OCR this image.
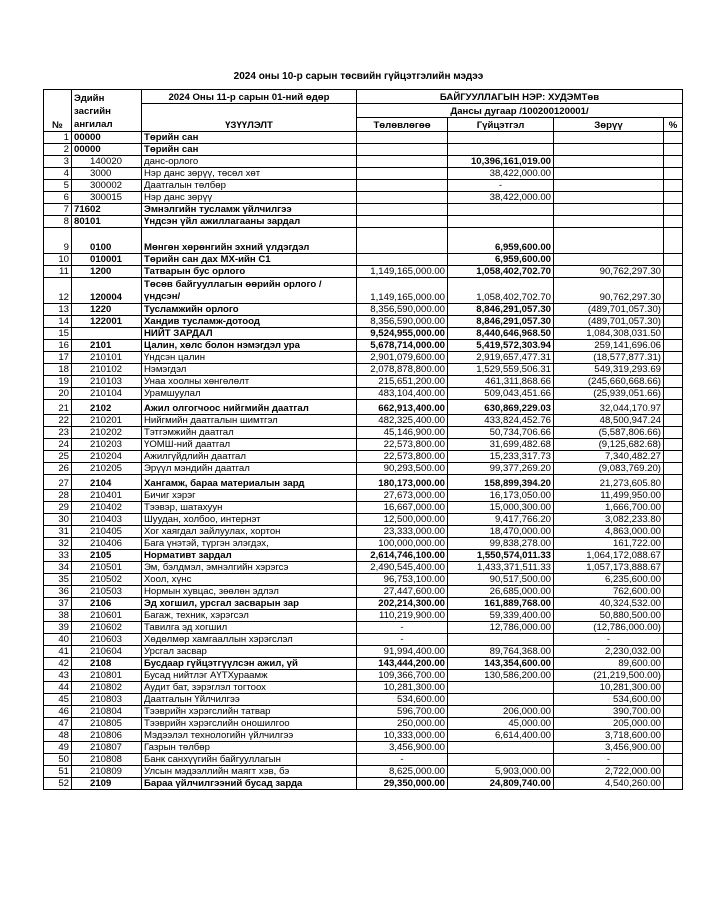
2024 оны 10-р сарын төсвийн гүйцэтгэлийн мэдээ
№	Эдийн засгийн ангилал	2024 Оны 11-р сарын 01-ний өдөр	БАЙГУУЛЛАГЫН НЭР: ХУДЭМТөв			
		ҮЗҮҮЛЭЛТ	Дансы дугаар /100200120001/			
			Төлөвлөгөө	Гүйцэтгэл	Зөрүү	%
1	00000	Төрийн сан				
2	00000	Төрийн сан				
3	140020	данс-орлого		10,396,161,019.00		
4	3000	Нэр данс зөрүү, төсөл хөт		38,422,000.00		
5	300002	Даатгалын төлбөр		-		
6	300015	Нэр данс зөрүү		38,422,000.00		
7	71602	Эмнэлгийн тусламж үйлчилгээ				
8	80101	Үндсэн үйл ажиллагааны зардал				
9	0100	Мөнгөн хөрөнгийн эхний үлдэгдэл		6,959,600.00		
10	010001	Төрийн сан дах МХ-ийн С1		6,959,600.00		
11	1200	Татварын бус орлого	1,149,165,000.00	1,058,402,702.70	90,762,297.30	
12	120004	Төсөв байгууллагын өөрийн орлого /үндсэн/	1,149,165,000.00	1,058,402,702.70	90,762,297.30	
13	1220	Тусламжийн орлого	8,356,590,000.00	8,846,291,057.30	(489,701,057.30)	
14	122001	Хандив тусламж-дотоод	8,356,590,000.00	8,846,291,057.30	(489,701,057.30)	
15		НИЙТ ЗАРДАЛ	9,524,955,000.00	8,440,646,968.50	1,084,308,031.50	
16	2101	Цалин, хөлс болон нэмэгдэл ура	5,678,714,000.00	5,419,572,303.94	259,141,696.06	
17	210101	Үндсэн цалин	2,901,079,600.00	2,919,657,477.31	(18,577,877.31)	
18	210102	Нэмэгдэл	2,078,878,800.00	1,529,559,506.31	549,319,293.69	
19	210103	Унаа хоолны хөнгөлөлт	215,651,200.00	461,311,868.66	(245,660,668.66)	
20	210104	Урамшуулал	483,104,400.00	509,043,451.66	(25,939,051.66)	
21	2102	Ажил олгогчоос нийгмийн даатгал	662,913,400.00	630,869,229.03	32,044,170.97	
22	210201	Нийгмийн даатгалын шимтгэл	482,325,400.00	433,824,452.76	48,500,947.24	
23	210202	Тэтгэмжийн даатгал	45,146,900.00	50,734,706.66	(5,587,806.66)	
24	210203	ҮОМШ-ний даатгал	22,573,800.00	31,699,482.68	(9,125,682.68)	
25	210204	Ажилгүйдлийн даатгал	22,573,800.00	15,233,317.73	7,340,482.27	
26	210205	Эрүүл мэндийн даатгал	90,293,500.00	99,377,269.20	(9,083,769.20)	
27	2104	Хангамж, бараа материалын зард	180,173,000.00	158,899,394.20	21,273,605.80	
28	210401	Бичиг хэрэг	27,673,000.00	16,173,050.00	11,499,950.00	
29	210402	Тээвэр, шатахуун	16,667,000.00	15,000,300.00	1,666,700.00	
30	210403	Шуудан, холбоо, интернэт	12,500,000.00	9,417,766.20	3,082,233.80	
31	210405	Хог хаягдал зайлуулах, хортон	23,333,000.00	18,470,000.00	4,863,000.00	
32	210406	Бага үнэтэй, түргэн элэгдэх,	100,000,000.00	99,838,278.00	161,722.00	
33	2105	Нормативт зардал	2,614,746,100.00	1,550,574,011.33	1,064,172,088.67	
34	210501	Эм, бэлдмэл, эмнэлгийн хэрэгсэ	2,490,545,400.00	1,433,371,511.33	1,057,173,888.67	
35	210502	Хоол, хүнс	96,753,100.00	90,517,500.00	6,235,600.00	
36	210503	Нормын хувцас, зөөлөн эдлэл	27,447,600.00	26,685,000.00	762,600.00	
37	2106	Эд хогшил, урсгал засварын зар	202,214,300.00	161,889,768.00	40,324,532.00	
38	210601	Багаж, техник, хэрэгсэл	110,219,900.00	59,339,400.00	50,880,500.00	
39	210602	Тавилга эд хогшил	-	12,786,000.00	(12,786,000.00)	
40	210603	Хөдөлмөр хамгааллын хэрэгслэл	-		-	
41	210604	Урсгал засвар	91,994,400.00	89,764,368.00	2,230,032.00	
42	2108	Бусдаар гүйцэтгүүлсэн ажил, үй	143,444,200.00	143,354,600.00	89,600.00	
43	210801	Бусад нийтлэг АҮТХураамж	109,366,700.00	130,586,200.00	(21,219,500.00)	
44	210802	Аудит бат, зэрэглэл тогтоох	10,281,300.00		10,281,300.00	
45	210803	Даатгалын Үйлчилгээ	534,600.00		534,600.00	
46	210804	Тээврийн хэрэгслийн татвар	596,700.00	206,000.00	390,700.00	
47	210805	Тээврийн хэрэгслийн оношилгоо	250,000.00	45,000.00	205,000.00	
48	210806	Мэдээлэл технологийн үйлчилгээ	10,333,000.00	6,614,400.00	3,718,600.00	
49	210807	Газрын төлбөр	3,456,900.00		3,456,900.00	
50	210808	Банк санхүүгийн байгууллагын	-		-	
51	210809	Улсын мэдээллийн маягт хэв, бэ	8,625,000.00	5,903,000.00	2,722,000.00	
52	2109	Бараа үйлчилгээний бусад зарда	29,350,000.00	24,809,740.00	4,540,260.00	
